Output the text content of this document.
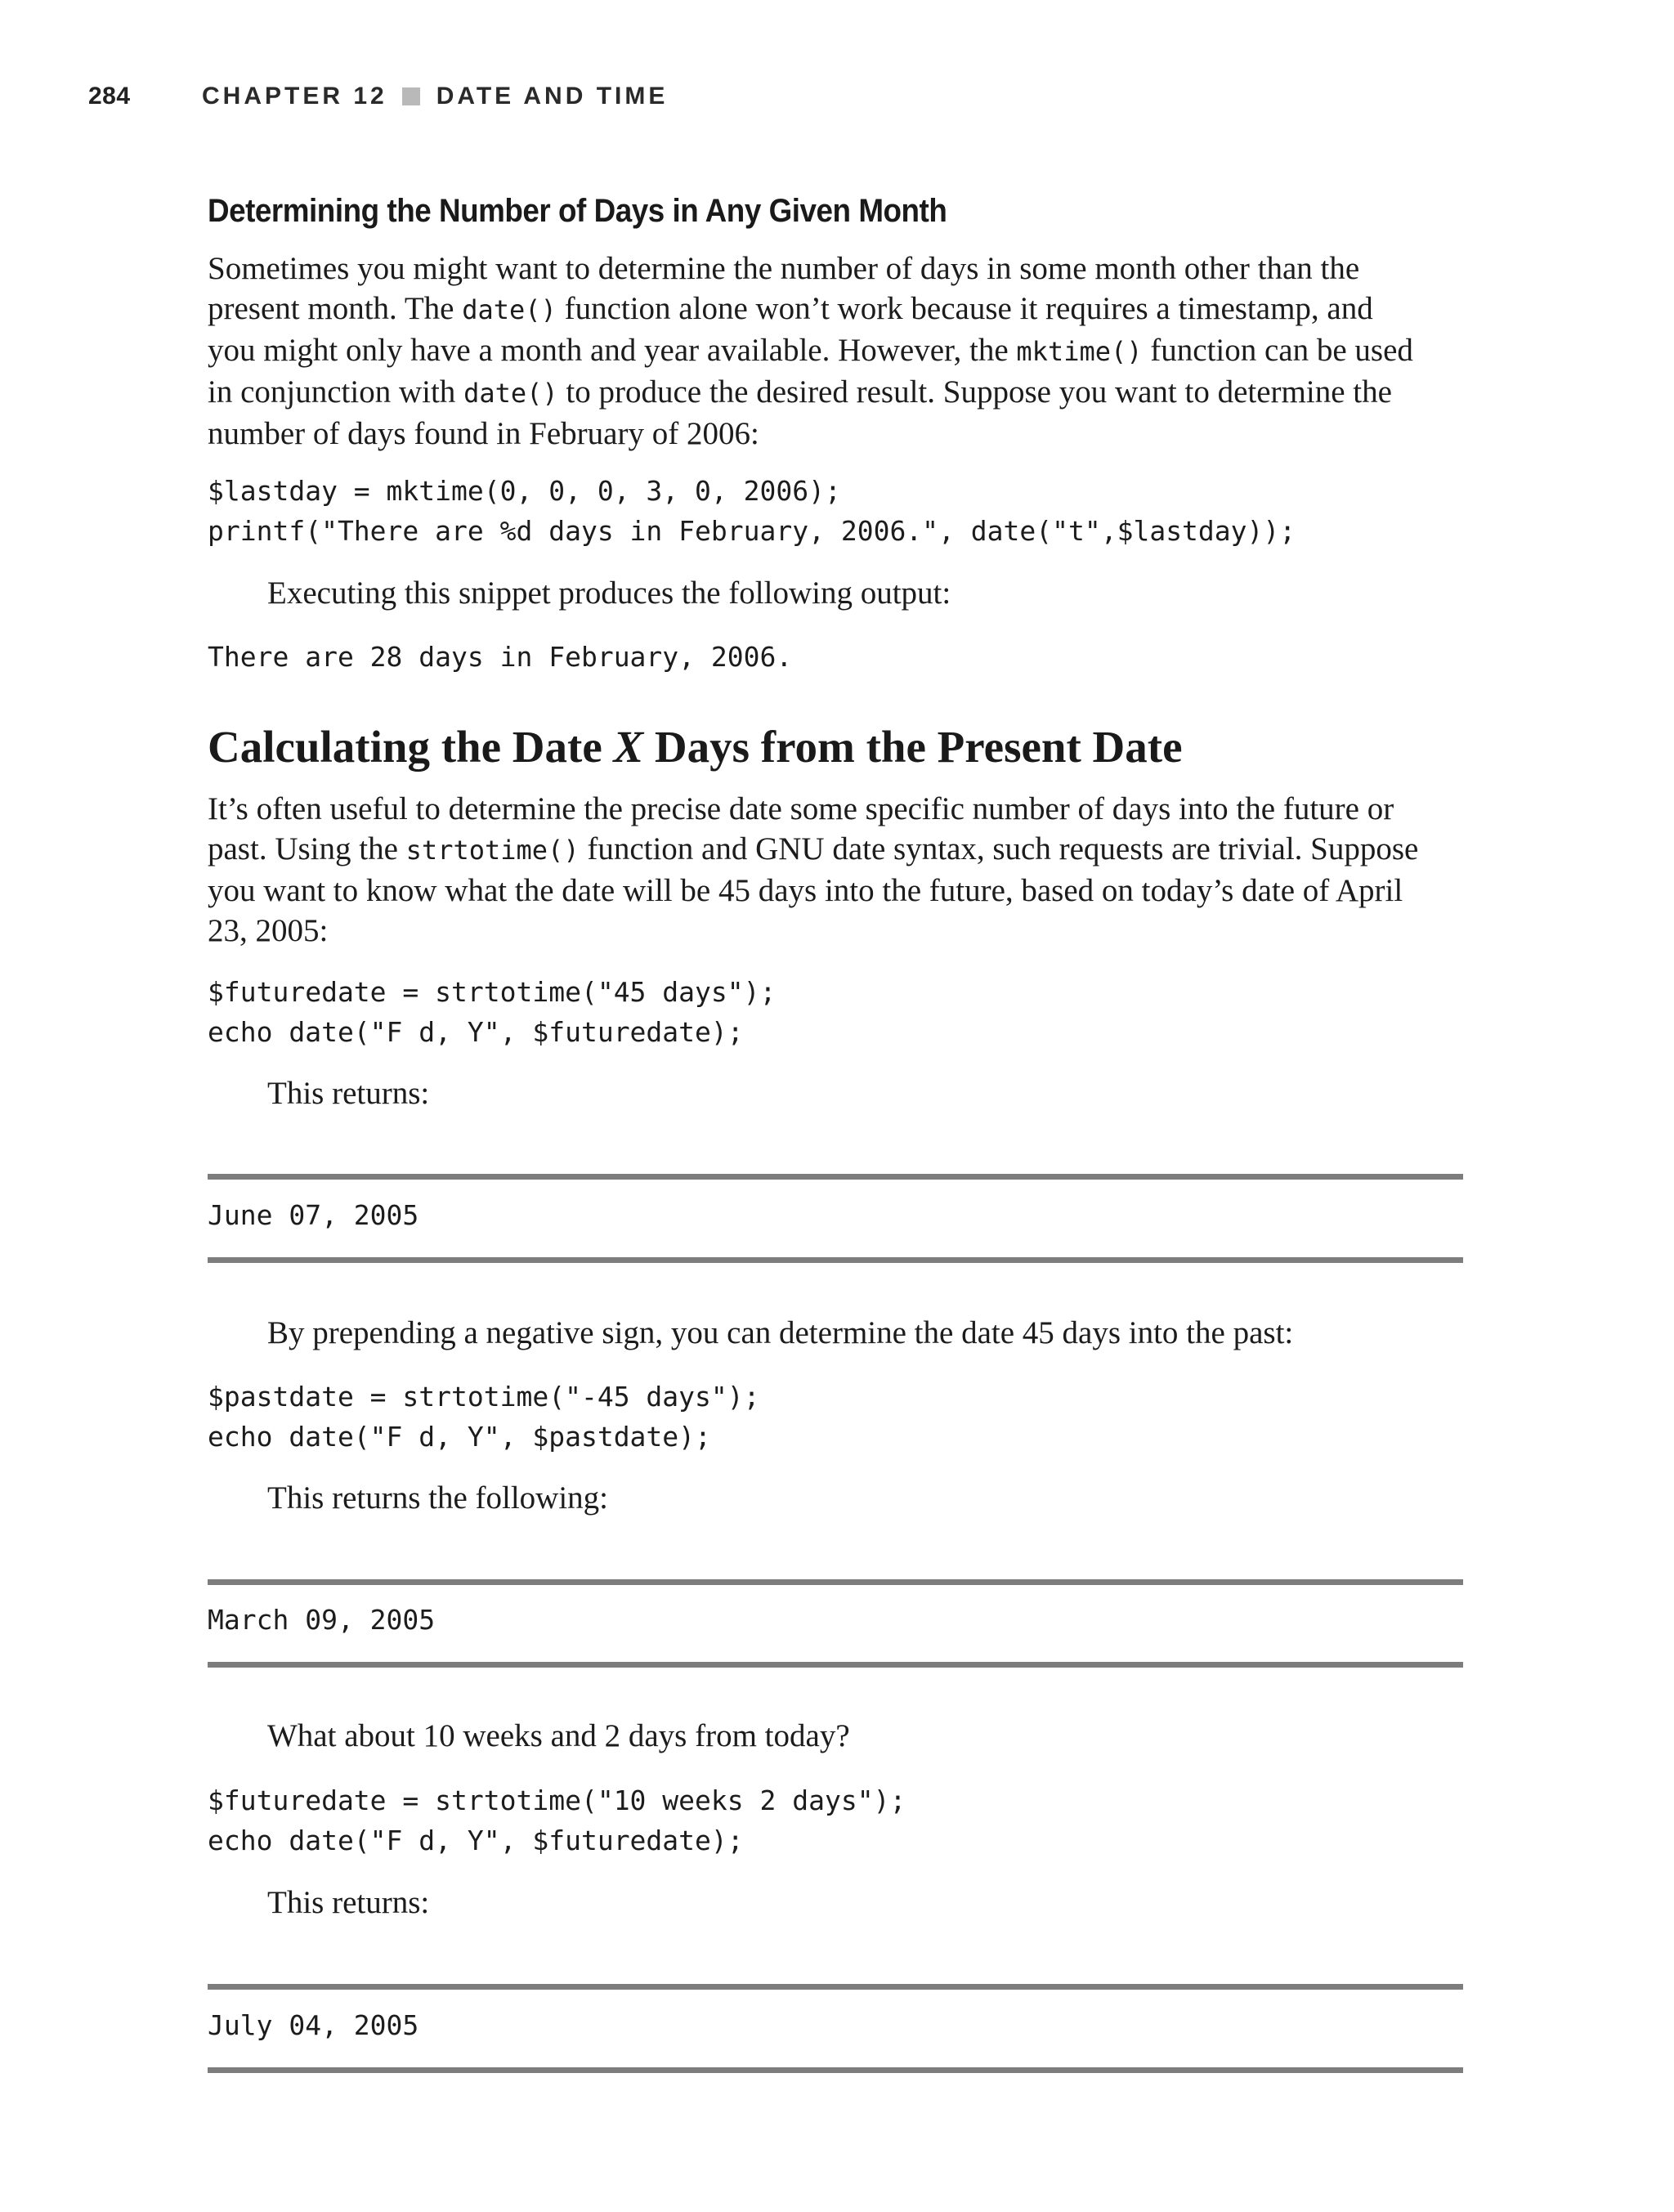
284	CHAPTER 12 DATE AND TIME
Determining the Number of Days in Any Given Month
Sometimes you might want to determine the number of days in some month other than the
present month. The date() function alone won’t work because it requires a timestamp, and
you might only have a month and year available. However, the mktime() function can be used
in conjunction with date() to produce the desired result. Suppose you want to determine the
number of days found in February of 2006:
$lastday = mktime(0, 0, 0, 3, 0, 2006);
printf("There are %d days in February, 2006.", date("t",$lastday));
Executing this snippet produces the following output:
There are 28 days in February, 2006.
Calculating the Date X Days from the Present Date
It’s often useful to determine the precise date some specific number of days into the future or
past. Using the strtotime() function and GNU date syntax, such requests are trivial. Suppose
you want to know what the date will be 45 days into the future, based on today’s date of April
23, 2005:
$futuredate = strtotime("45 days");
echo date("F d, Y", $futuredate);
This returns:
June 07, 2005
By prepending a negative sign, you can determine the date 45 days into the past:
$pastdate = strtotime("-45 days");
echo date("F d, Y", $pastdate);
This returns the following:
March 09, 2005
What about 10 weeks and 2 days from today?
$futuredate = strtotime("10 weeks 2 days");
echo date("F d, Y", $futuredate);
This returns:
July 04, 2005
